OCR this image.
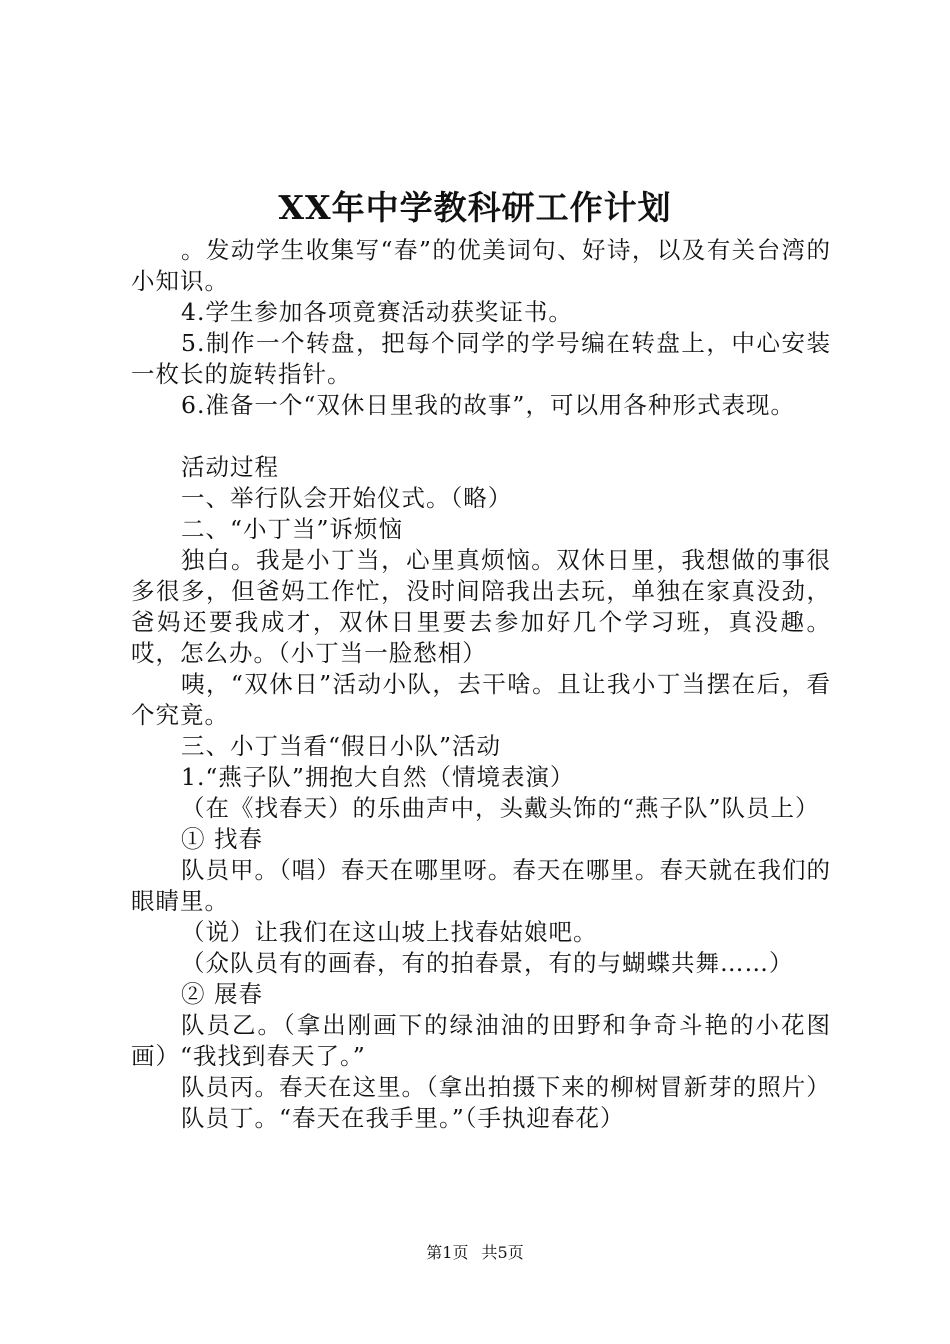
XX年中学教科研工作计划

。发动学生收集写“春”的优美词句、好诗，以及有关台湾的小知识。

4.学生参加各项竟赛活动获奖证书。

5.制作一个转盘，把每个同学的学号编在转盘上，中心安装一枚长的旋转指针。

6.准备一个“双休日里我的故事”，可以用各种形式表现。

活动过程

一、举行队会开始仪式。（略）

二、“小丁当”诉烦恼

独白。我是小丁当，心里真烦恼。双休日里，我想做的事很多很多，但爸妈工作忙，没时间陪我出去玩，单独在家真没劲，爸妈还要我成才，双休日里要去参加好几个学习班，真没趣。哎，怎么办。（小丁当一脸愁相）

咦，“双休日”活动小队，去干啥。且让我小丁当摆在后，看个究竟。

三、小丁当看“假日小队”活动

1.“燕子队”拥抱大自然（情境表演）

（在《找春天）的乐曲声中，头戴头饰的“燕子队”队员上）

① 找春

队员甲。（唱）春天在哪里呀。春天在哪里。春天就在我们的眼睛里。

（说）让我们在这山坡上找春姑娘吧。

（众队员有的画春，有的拍春景，有的与蝴蝶共舞……）

② 展春

队员乙。（拿出刚画下的绿油油的田野和争奇斗艳的小花图画）“我找到春天了。”

队员丙。春天在这里。（拿出拍摄下来的柳树冒新芽的照片）

队员丁。“春天在我手里。”（手执迎春花）

第1页 共5页
